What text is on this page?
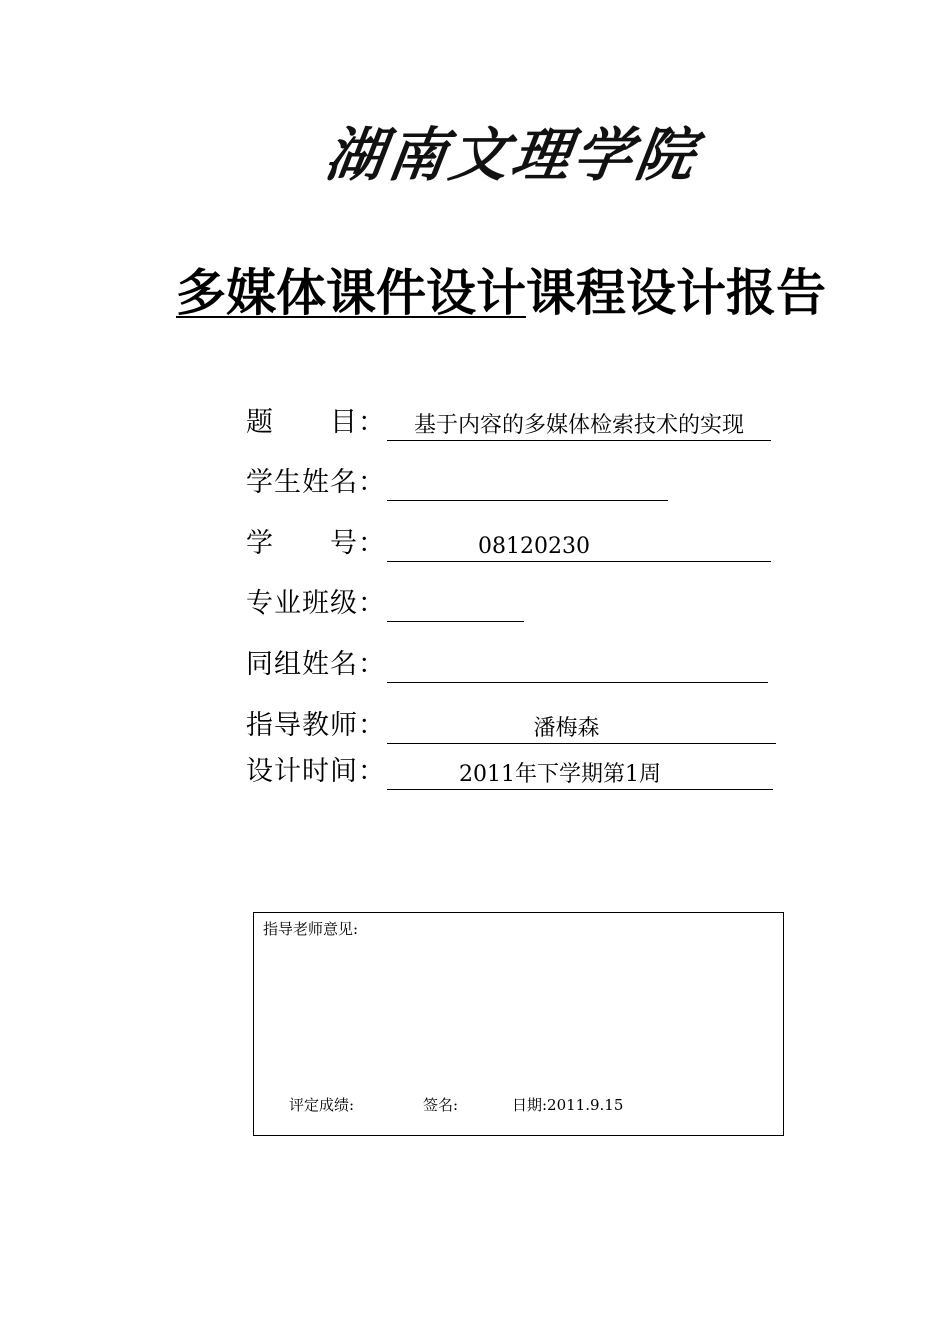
湖南文理学院
多媒体课件设计课程设计报告
题　　目：	基于内容的多媒体检索技术的实现
学生姓名：
学　　号：	08120230
专业班级：
同组姓名：
指导教师：	潘梅森
设计时间：	2011年下学期第1周
指导老师意见:
评定成绩:	签名:	日期:2011.9.15
